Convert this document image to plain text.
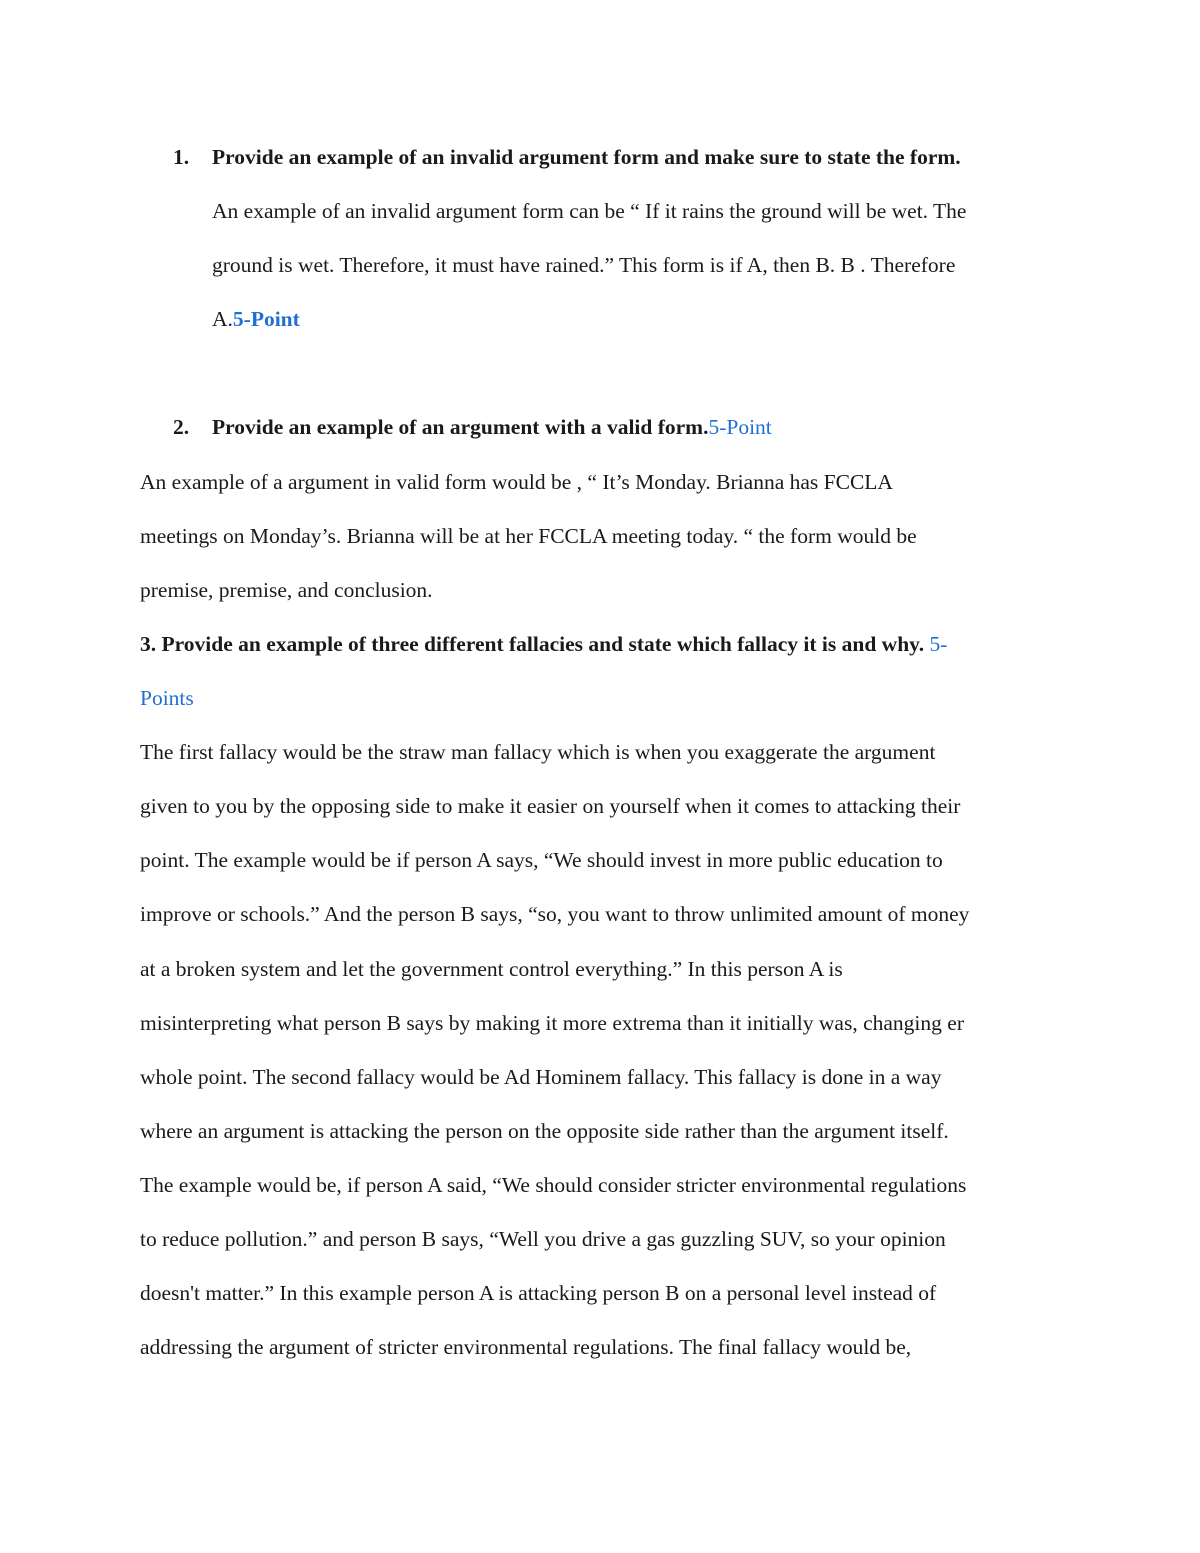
1. Provide an example of an invalid argument form and make sure to state the form.
An example of an invalid argument form can be “ If it rains the ground will be wet. The
ground is wet. Therefore, it must have rained.” This form is if A, then B. B . Therefore
A.5-Point
2. Provide an example of an argument with a valid form.5-Point
An example of a argument in valid form would be , “ It’s Monday. Brianna has FCCLA
meetings on Monday’s. Brianna will be at her FCCLA meeting today. “ the form would be
premise, premise, and conclusion.
3. Provide an example of three different fallacies and state which fallacy it is and why. 5-
Points
The first fallacy would be the straw man fallacy which is when you exaggerate the argument
given to you by the opposing side to make it easier on yourself when it comes to attacking their
point. The example would be if person A says, “We should invest in more public education to
improve or schools.” And the person B says, “so, you want to throw unlimited amount of money
at a broken system and let the government control everything.” In this person A is
misinterpreting what person B says by making it more extrema than it initially was, changing er
whole point. The second fallacy would be Ad Hominem fallacy. This fallacy is done in a way
where an argument is attacking the person on the opposite side rather than the argument itself.
The example would be, if person A said, “We should consider stricter environmental regulations
to reduce pollution.” and person B says, “Well you drive a gas guzzling SUV, so your opinion
doesn't matter.” In this example person A is attacking person B on a personal level instead of
addressing the argument of stricter environmental regulations. The final fallacy would be,
